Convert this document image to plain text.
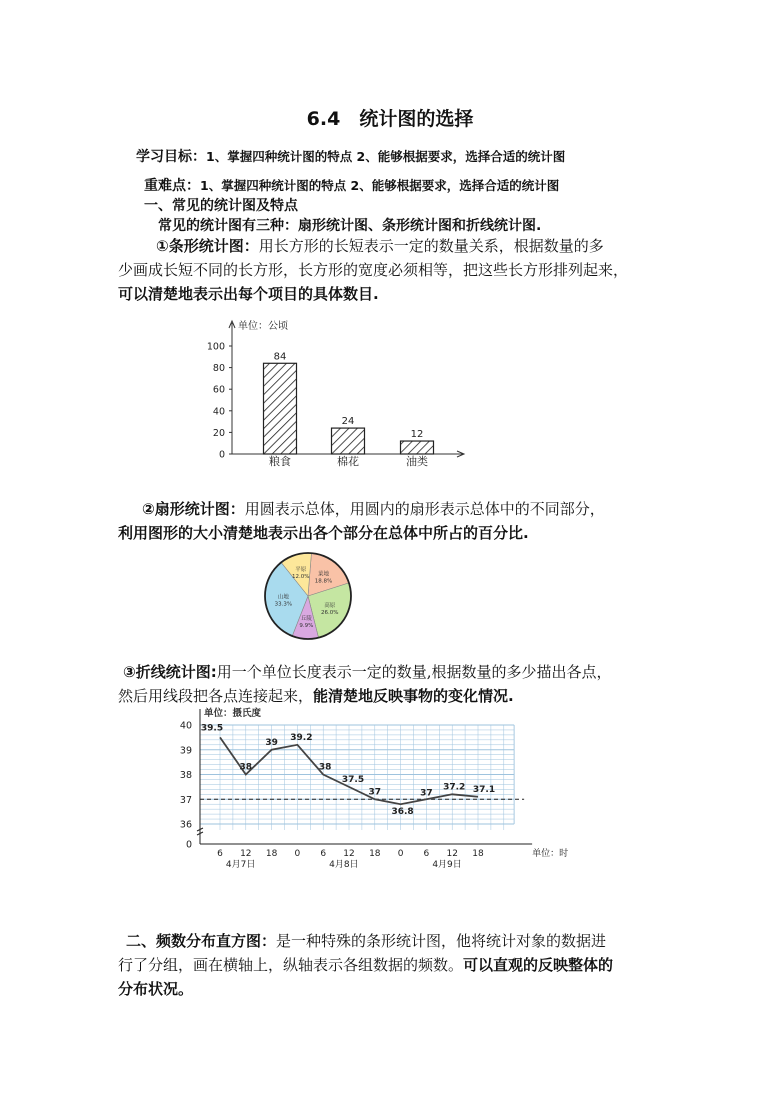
6.4　统计图的选择
学习目标：1、掌握四种统计图的特点 2、能够根据要求，选择合适的统计图
重难点：1、掌握四种统计图的特点 2、能够根据要求，选择合适的统计图
一、常见的统计图及特点
常见的统计图有三种：扇形统计图、条形统计图和折线统计图.
①条形统计图：用长方形的长短表示一定的数量关系，根据数量的多
少画成长短不同的长方形，长方形的宽度必须相等，把这些长方形排列起来，
可以清楚地表示出每个项目的具体数目.
单位：公顷
0
20
40
60
80
100
84
粮食
24
棉花
12
油类
②扇形统计图：用圆表示总体，用圆内的扇形表示总体中的不同部分，
利用图形的大小清楚地表示出各个部分在总体中所占的百分比.
菜地
18.8%
高原
26.0%
丘陵
9.9%
山地
33.3%
平原
12.0%
③折线统计图:用一个单位长度表示一定的数量,根据数量的多少描出各点，
然后用线段把各点连接起来，能清楚地反映事物的变化情况.
单位：摄氏度
0
36
37
38
39
40
6 12 18 0 6 12 18 0 6 12 18	单位：时
4月7日	4月8日	4月9日
39.5
38
39 39.2
38
37.5
37
36.8
37
37.2 37.1
二、频数分布直方图：是一种特殊的条形统计图，他将统计对象的数据进
行了分组，画在横轴上，纵轴表示各组数据的频数。可以直观的反映整体的
分布状况。
